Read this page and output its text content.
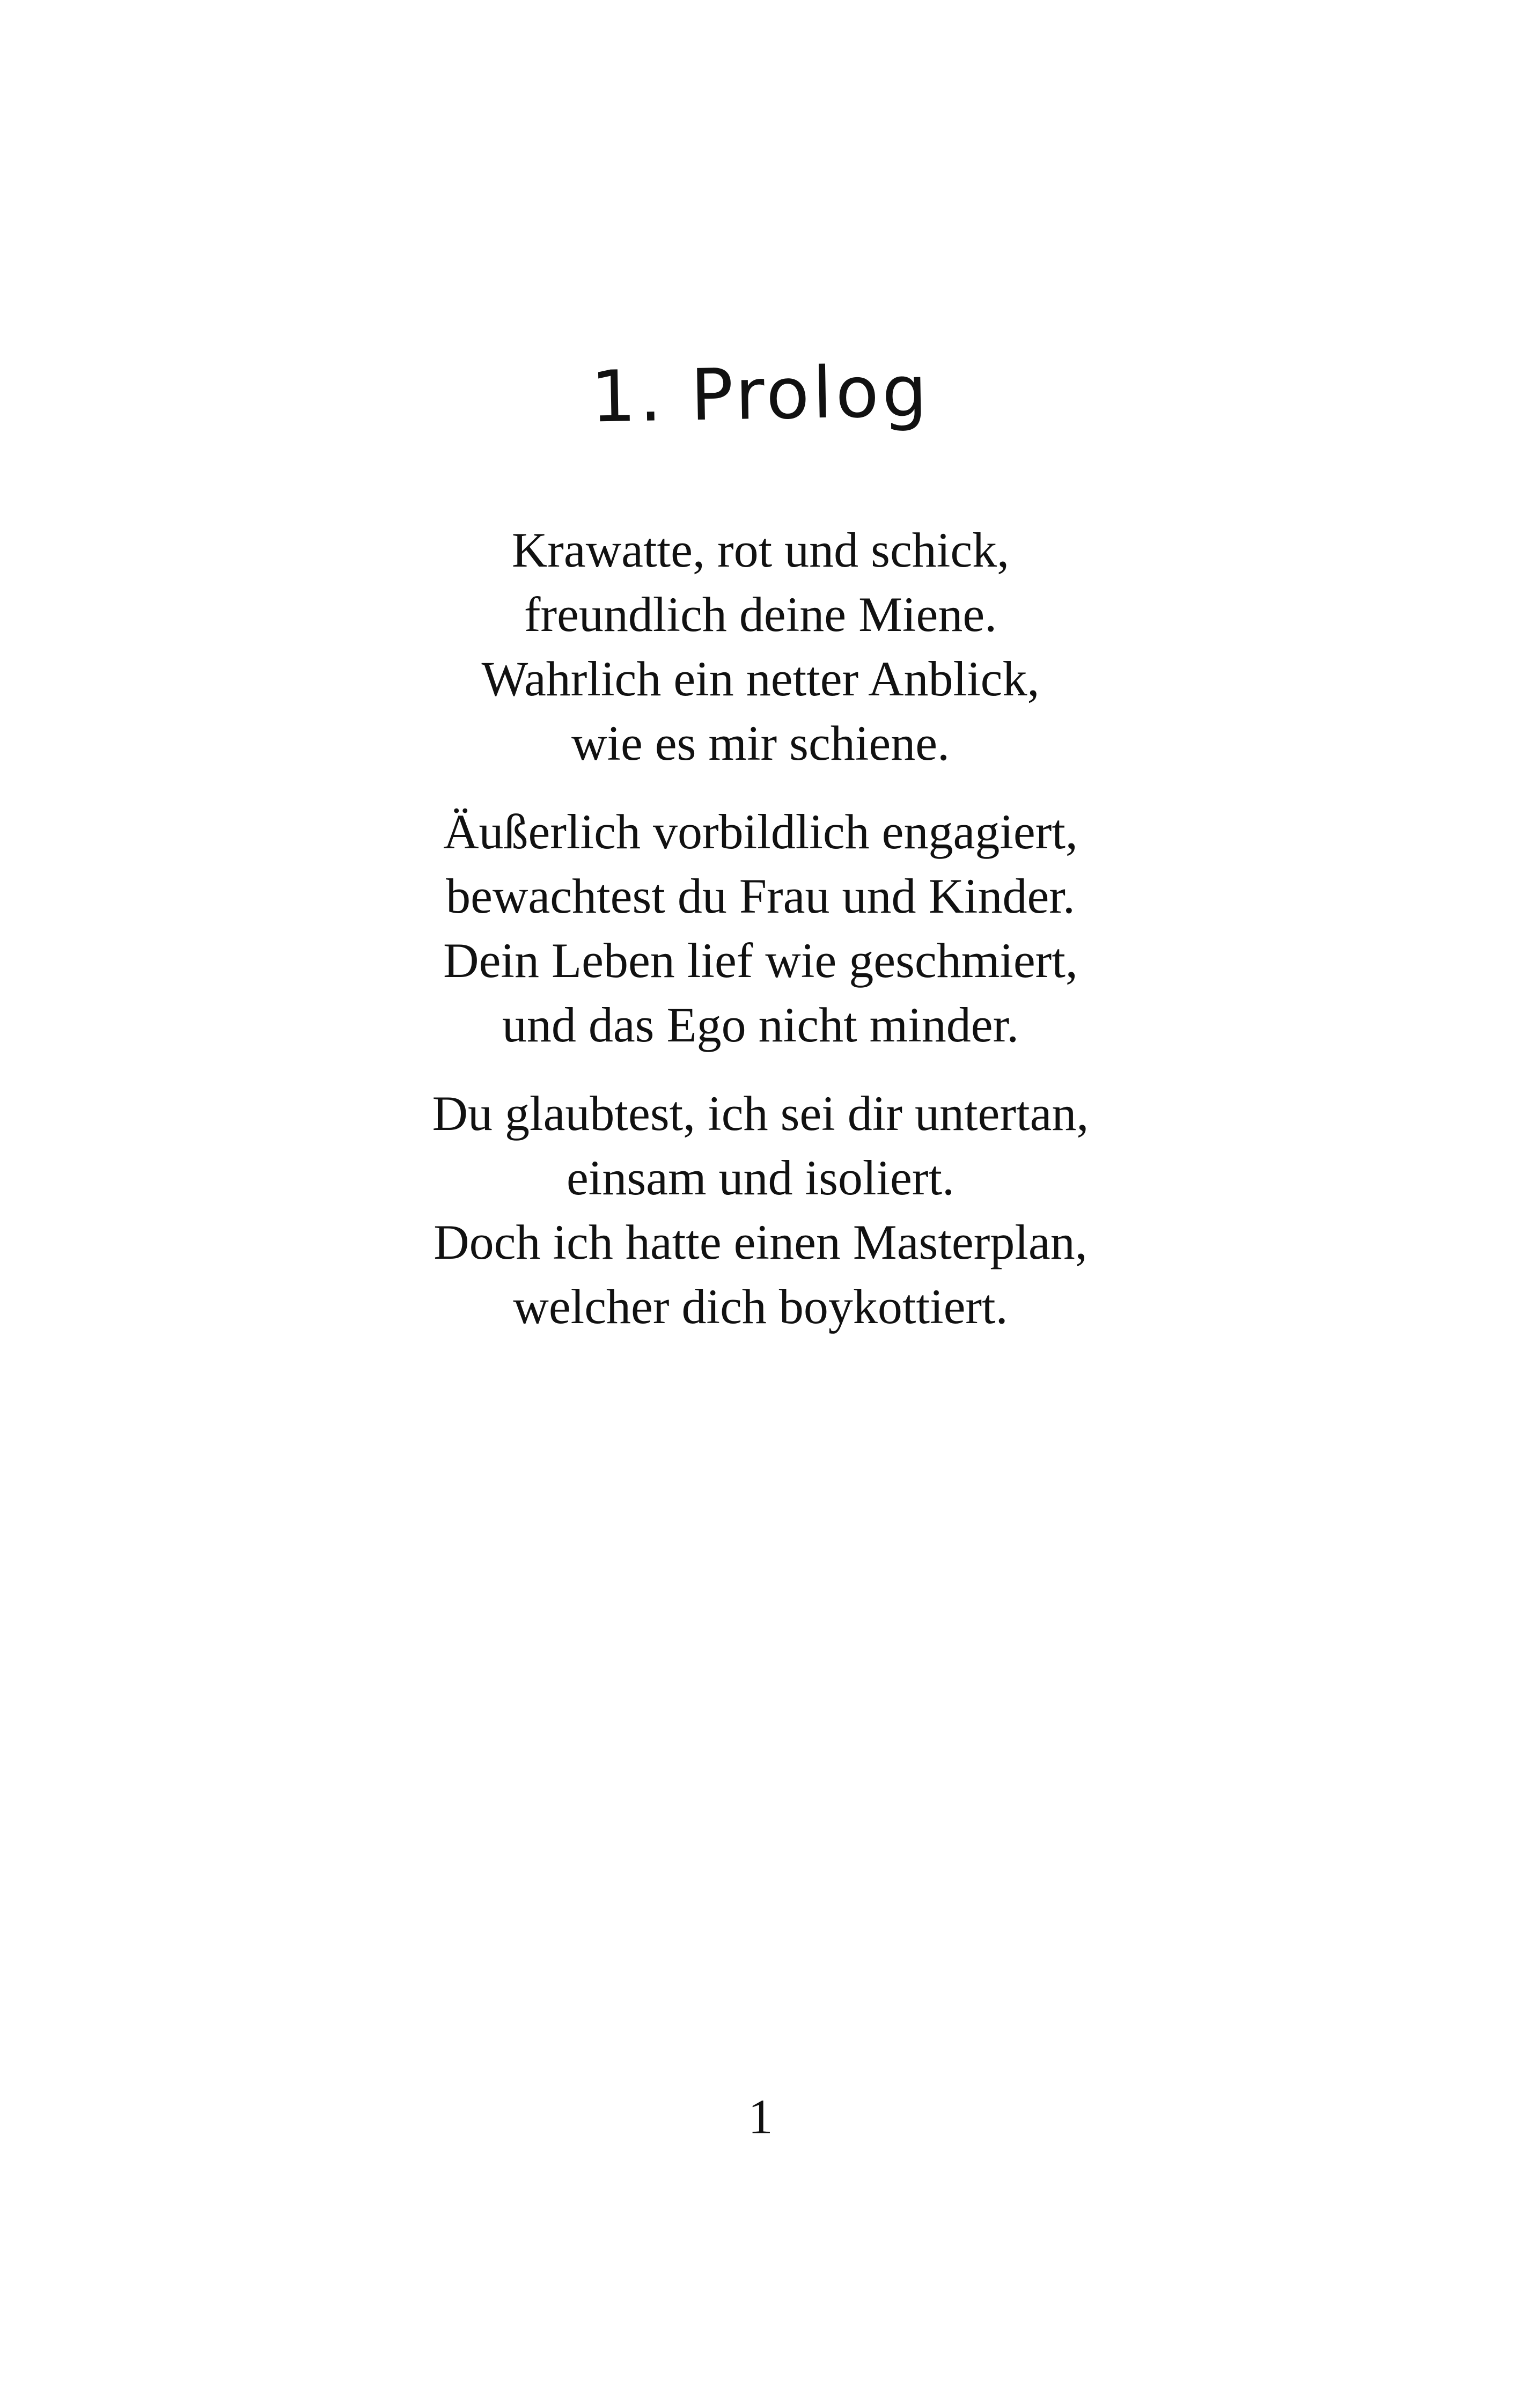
1. Prolog

Krawatte, rot und schick,
freundlich deine Miene.
Wahrlich ein netter Anblick,
wie es mir schiene.

Äußerlich vorbildlich engagiert,
bewachtest du Frau und Kinder.
Dein Leben lief wie geschmiert,
und das Ego nicht minder.

Du glaubtest, ich sei dir untertan,
einsam und isoliert.
Doch ich hatte einen Masterplan,
welcher dich boykottiert.

1
